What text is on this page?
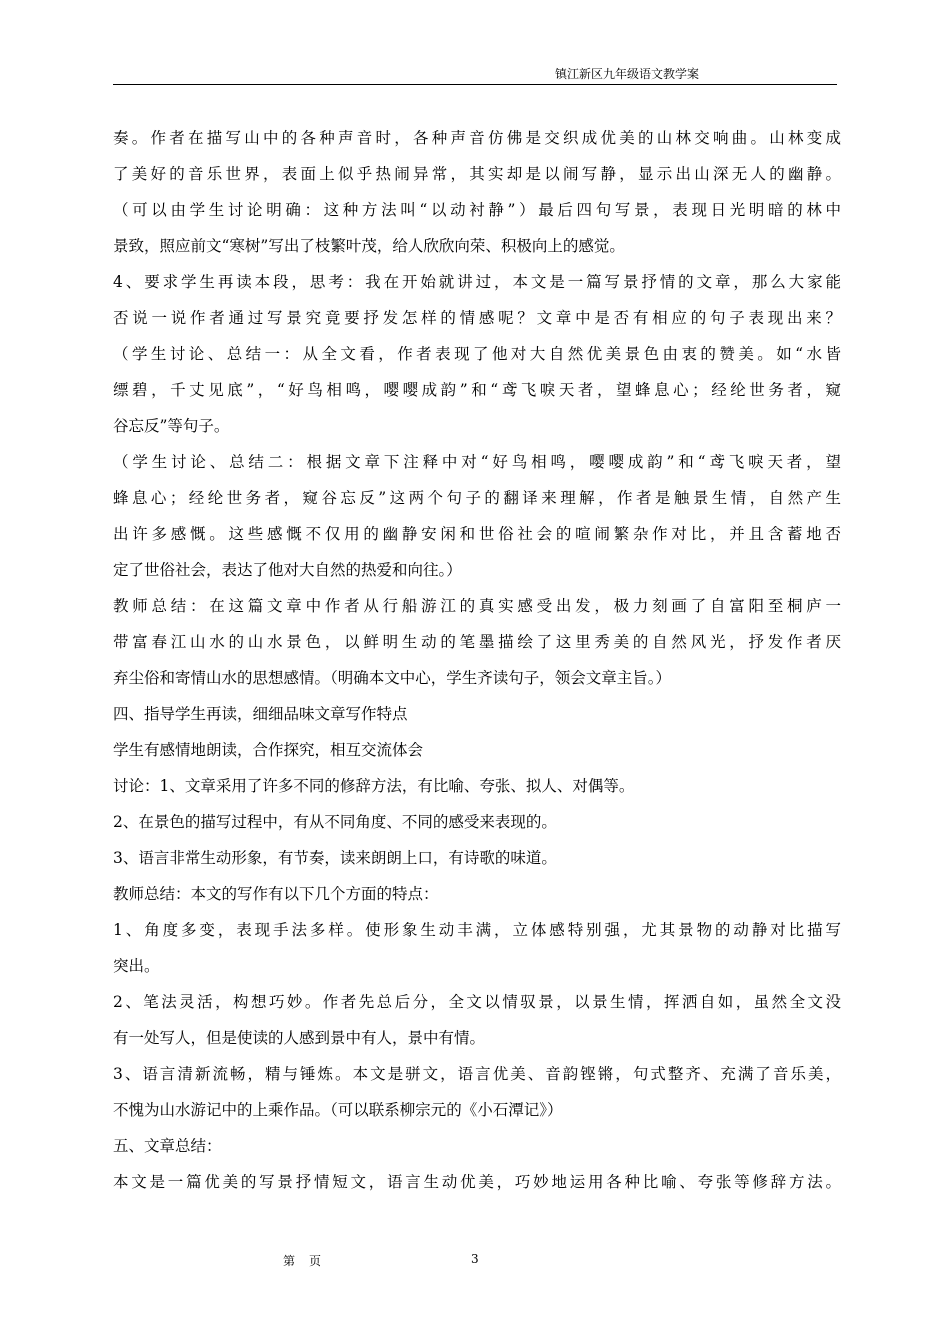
镇江新区九年级语文教学案
奏。作者在描写山中的各种声音时，各种声音仿佛是交织成优美的山林交响曲。山林变成
了美好的音乐世界，表面上似乎热闹异常，其实却是以闹写静，显示出山深无人的幽静。
（可以由学生讨论明确：这种方法叫“以动衬静”）最后四句写景，表现日光明暗的林中
景致，照应前文“寒树”写出了枝繁叶茂，给人欣欣向荣、积极向上的感觉。
4、要求学生再读本段，思考：我在开始就讲过，本文是一篇写景抒情的文章，那么大家能
否说一说作者通过写景究竟要抒发怎样的情感呢？文章中是否有相应的句子表现出来？
（学生讨论、总结一：从全文看，作者表现了他对大自然优美景色由衷的赞美。如“水皆
缥碧，千丈见底”，“好鸟相鸣，嘤嘤成韵”和“鸢飞唳天者，望蜂息心；经纶世务者，窥
谷忘反”等句子。
（学生讨论、总结二：根据文章下注释中对“好鸟相鸣，嘤嘤成韵”和“鸢飞唳天者，望
蜂息心；经纶世务者，窥谷忘反”这两个句子的翻译来理解，作者是触景生情，自然产生
出许多感慨。这些感慨不仅用的幽静安闲和世俗社会的喧闹繁杂作对比，并且含蓄地否
定了世俗社会，表达了他对大自然的热爱和向往。）
教师总结：在这篇文章中作者从行船游江的真实感受出发，极力刻画了自富阳至桐庐一
带富春江山水的山水景色，以鲜明生动的笔墨描绘了这里秀美的自然风光，抒发作者厌
弃尘俗和寄情山水的思想感情。（明确本文中心，学生齐读句子，领会文章主旨。）
四、指导学生再读，细细品味文章写作特点
学生有感情地朗读，合作探究，相互交流体会
讨论：1、文章采用了许多不同的修辞方法，有比喻、夸张、拟人、对偶等。
2、在景色的描写过程中，有从不同角度、不同的感受来表现的。
3、语言非常生动形象，有节奏，读来朗朗上口，有诗歌的味道。
教师总结：本文的写作有以下几个方面的特点：
1、角度多变，表现手法多样。使形象生动丰满，立体感特别强，尤其景物的动静对比描写
突出。
2、笔法灵活，构想巧妙。作者先总后分，全文以情驭景，以景生情，挥洒自如，虽然全文没
有一处写人，但是使读的人感到景中有人，景中有情。
3、语言清新流畅，精与锤炼。本文是骈文，语言优美、音韵铿锵，句式整齐、充满了音乐美，
不愧为山水游记中的上乘作品。（可以联系柳宗元的《小石潭记》）
五、文章总结：
本文是一篇优美的写景抒情短文，语言生动优美，巧妙地运用各种比喻、夸张等修辞方法。
第页	3
